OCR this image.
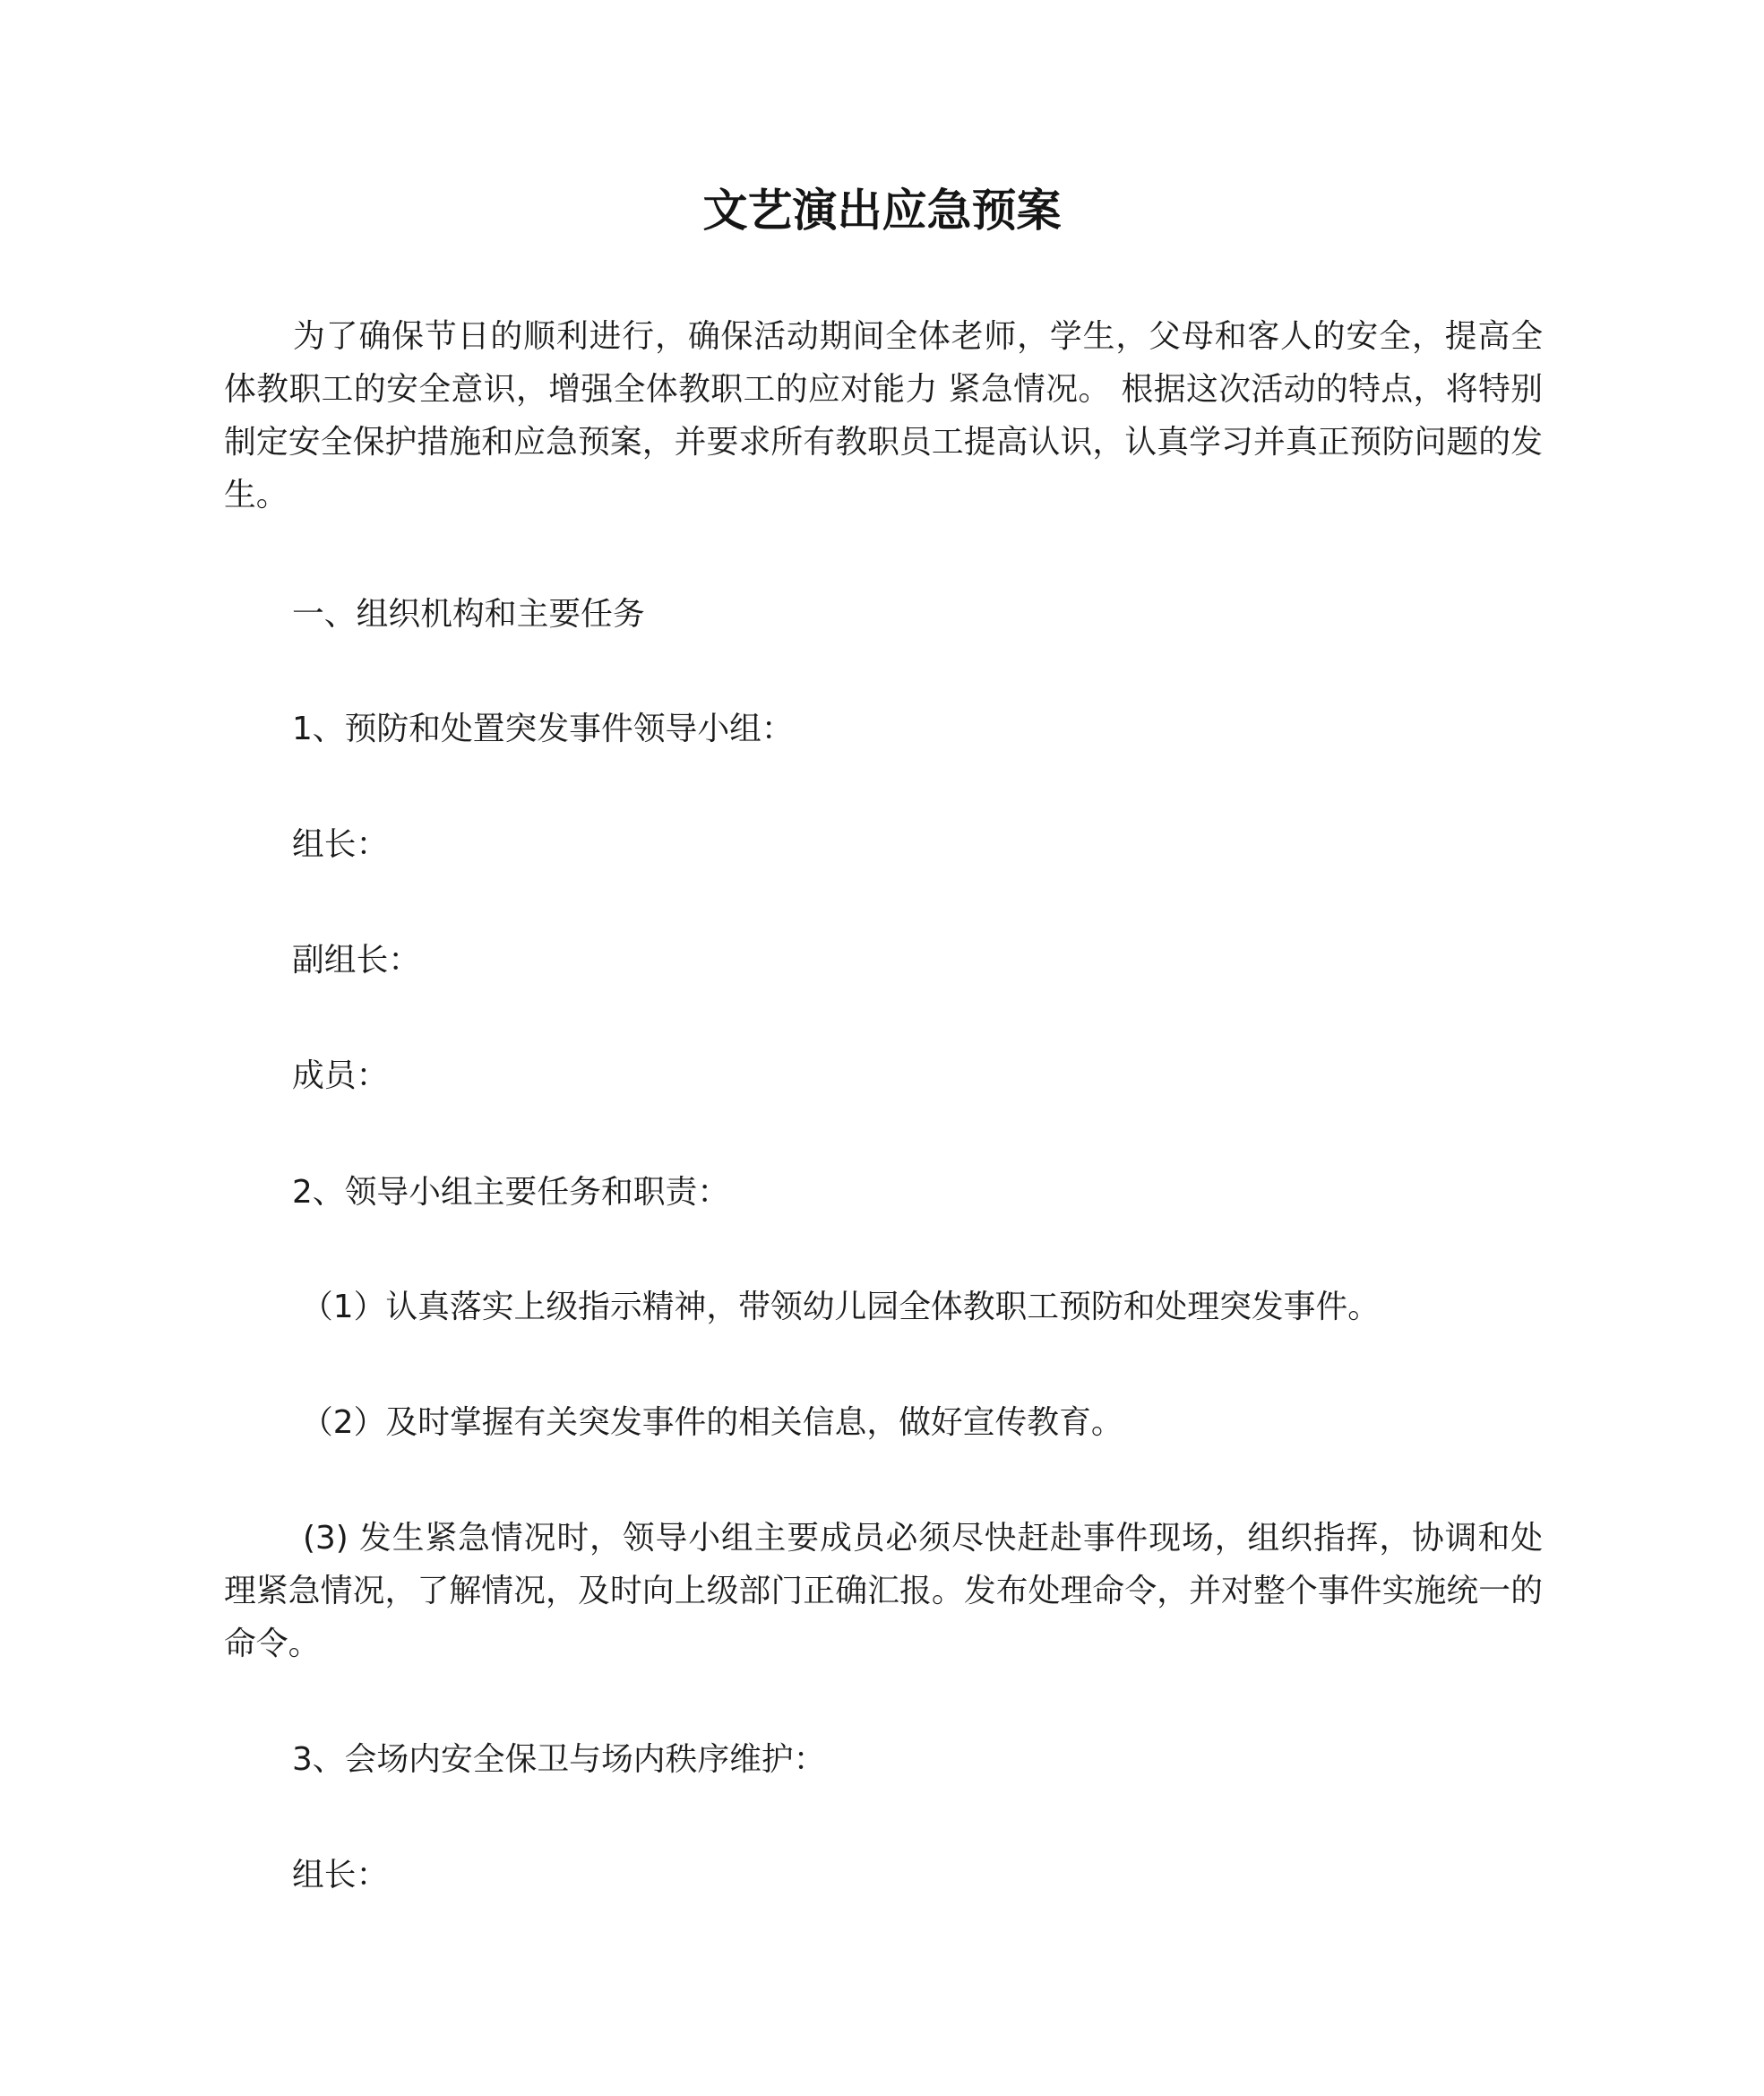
文艺演出应急预案

为了确保节日的顺利进行，确保活动期间全体老师，学生，父母和客人的安全，提高全体教职工的安全意识，增强全体教职工的应对能力 紧急情况。 根据这次活动的特点，将特别制定安全保护措施和应急预案，并要求所有教职员工提高认识，认真学习并真正预防问题的发生。

一、组织机构和主要任务

1、预防和处置突发事件领导小组：

组长：

副组长：

成员：

2、领导小组主要任务和职责：

（1）认真落实上级指示精神，带领幼儿园全体教职工预防和处理突发事件。

（2）及时掌握有关突发事件的相关信息，做好宣传教育。

(3) 发生紧急情况时，领导小组主要成员必须尽快赶赴事件现场，组织指挥，协调和处理紧急情况，了解情况，及时向上级部门正确汇报。发布处理命令，并对整个事件实施统一的命令。

3、会场内安全保卫与场内秩序维护：

组长：
